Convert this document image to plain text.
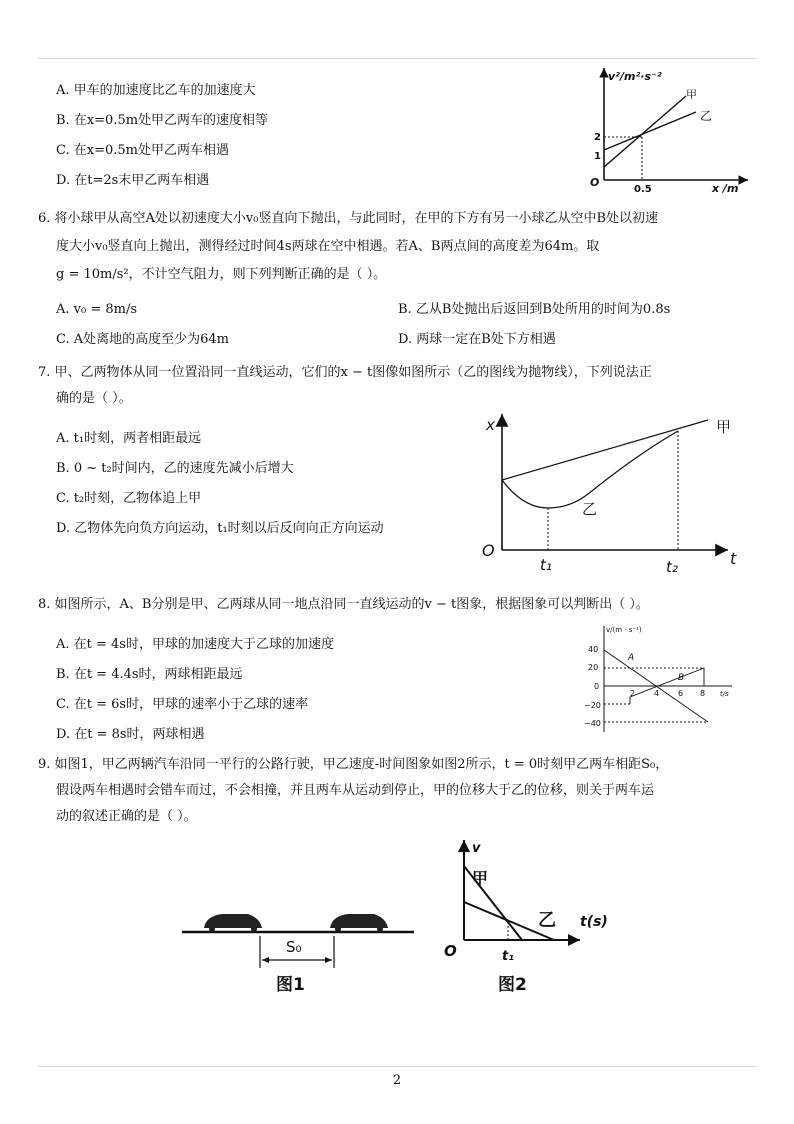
A. 甲车的加速度比乙车的加速度大
B. 在x=0.5m处甲乙两车的速度相等
C. 在x=0.5m处甲乙两车相遇
D. 在t=2s末甲乙两车相遇
v²/m²·s⁻²
x /m
O
2
1
0.5
甲
乙
6. 将小球甲从高空A处以初速度大小v₀竖直向下抛出，与此同时，在甲的下方有另一小球乙从空中B处以初速
度大小v₀竖直向上抛出，测得经过时间4s两球在空中相遇。若A、B两点间的高度差为64m。取
g = 10m/s²，不计空气阻力，则下列判断正确的是（ ）。
A. v₀ = 8m/s	B. 乙从B处抛出后返回到B处所用的时间为0.8s
C. A处离地的高度至少为64m	D. 两球一定在B处下方相遇
7. 甲、乙两物体从同一位置沿同一直线运动，它们的x − t图像如图所示（乙的图线为抛物线），下列说法正
确的是（ ）。
A. t₁时刻，两者相距最远
B. 0 ~ t₂时间内，乙的速度先减小后增大
C. t₂时刻，乙物体追上甲
D. 乙物体先向负方向运动，t₁时刻以后反向向正方向运动
x
t
O
甲
乙
t₁	t₂
8. 如图所示，A、B分别是甲、乙两球从同一地点沿同一直线运动的v − t图象，根据图象可以判断出（ ）。
A. 在t = 4s时，甲球的加速度大于乙球的加速度
B. 在t = 4.4s时，两球相距最远
C. 在t = 6s时，甲球的速率小于乙球的速率
D. 在t = 8s时，两球相遇
v/(m · s⁻¹)
t/s
40
20
0
−20
−40
2 4 6 8
A
B
9. 如图1，甲乙两辆汽车沿同一平行的公路行驶，甲乙速度-时间图象如图2所示，t = 0时刻甲乙两车相距S₀，
假设两车相遇时会错车而过，不会相撞，并且两车从运动到停止，甲的位移大于乙的位移，则关于两车运
动的叙述正确的是（ ）。
S₀
图1
v
t(s)
O
甲
乙
t₁
图2
2
